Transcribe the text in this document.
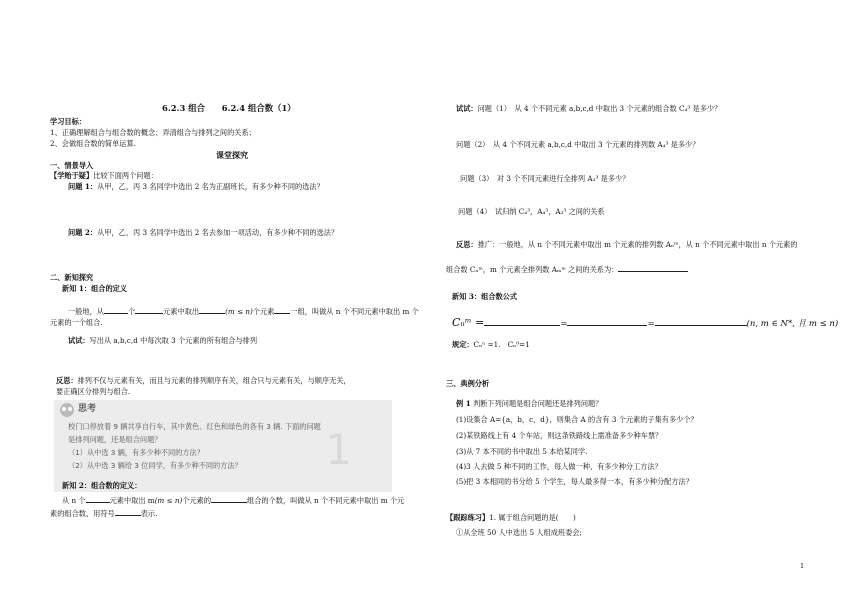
6.2.3 组合　　6.2.4 组合数（1）
学习目标：
1、正确理解组合与组合数的概念；弄清组合与排列之间的关系；
2、会做组合数的简单运算.
课堂探究
一、情景导入
【学贻于疑】比较下面两个问题：
问题 1：从甲，乙，丙 3 名同学中选出 2 名为正副班长，有多少种不同的选法？
问题 2：从甲，乙，丙 3 名同学中选出 2 名去参加一项活动，有多少种不同的选法？
二、新知探究
新知 1：组合的定义
一般地，从	个	元素中取出	(m ≤ n)个元素 一组，叫做从 n 个不同元素中取出 m 个
元素的一个组合.
试试：写出从 a,b,c,d 中每次取 3 个元素的所有组合与排列
反思：排列不仅与元素有关，而且与元素的排列顺序有关，组合只与元素有关，与顺序无关，
要正确区分排列与组合.
1
思考
校门口停放着 9 辆共享自行车，其中黄色、红色和绿色的各有 3 辆. 下面的问题
是排列问题，还是组合问题？
（1）从中选 3 辆，有多少种不同的方法？
（2）从中选 3 辆给 3 位同学，有多少种不同的方法？
新知 2：组合数的定义：
从 n 个	元素中取出 m(m ≤ n)个元素的	组合的个数，叫做从 n 个不同元素中取出 m 个元
素的组合数，用符号	表示.
试试：问题（1）　从 4 个不同元素 a,b,c,d 中取出 3 个元素的组合数 C₄³ 是多少？
问题（2）　从 4 个不同元素 a,b,c,d 中取出 3 个元素的排列数 A₄³ 是多少？
问题（3）　对 3 个不同元素进行全排列 A₃³ 是多少？
问题（4）　试归纳 C₄³，A₄³，A₃³ 之间的关系
反思：推广：一般地，从 n 个不同元素中取出 m 个元素的排列数 Aₙᵐ，从 n 个不同元素中取出 n 个元素的
组合数 Cₙᵐ，m 个元素全排列数 Aₘᵐ 之间的关系为：
新知 3：组合数公式
Cₙᵐ =	=	=	(n, m ∈ N*, 且 m ≤ n)
规定：Cₙⁿ =1.　Cₙ⁰=1
三、典例分析
例 1 判断下列问题是组合问题还是排列问题？
(1)设集合 A={a，b，c，d}，则集合 A 的含有 3 个元素的子集有多少个？
(2)某铁路线上有 4 个车站，则这条铁路线上需准备多少种车票？
(3)从 7 本不同的书中取出 5 本给某同学.
(4)3 人去做 5 种不同的工作，每人做一种，有多少种分工方法？
(5)把 3 本相同的书分给 5 个学生，每人最多得一本，有多少种分配方法？
【跟踪练习】1. 属于组合问题的是(　　)
①从全班 50 人中选出 5 人组成班委会;
1
